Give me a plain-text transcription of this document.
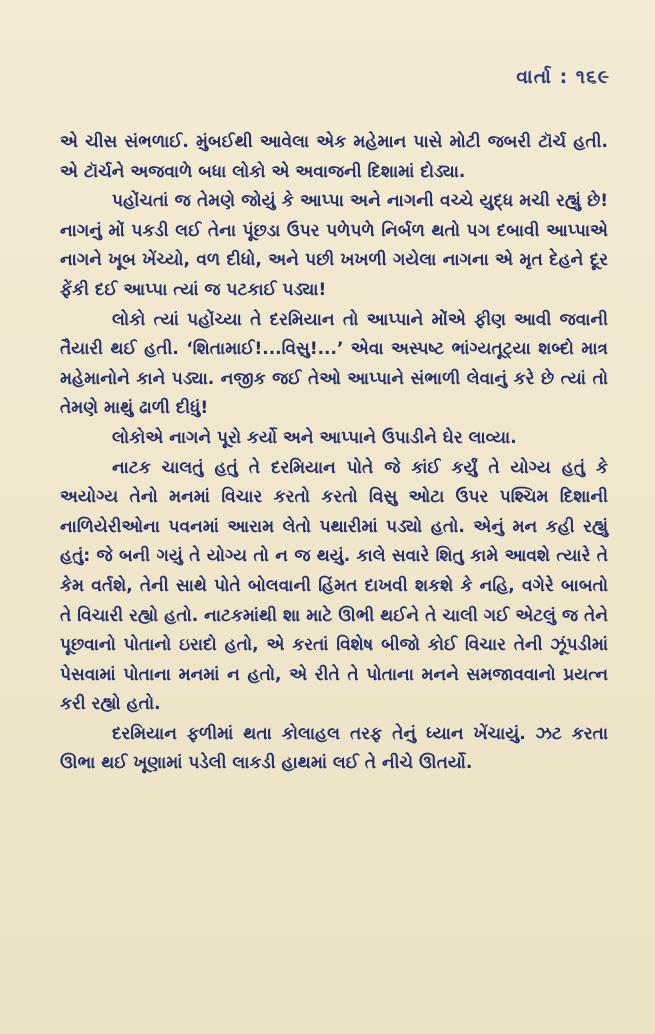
વાર્તા : ૧૬૯

એ ચીસ સંભળાઈ. મુંબઈથી આવેલા એક મહેમાન પાસે મોટી જબરી ટૉર્ચ હતી. એ ટૉર્ચને અજવાળે બધા લોકો એ અવાજની દિશામાં દોડ્યા.

પહોંચતાં જ તેમણે જોયું કે આપ્પા અને નાગની વચ્ચે યુદ્ધ મચી રહ્યું છે! નાગનું મોં પકડી લઈ તેના પૂંછડા ઉપર પળેપળે નિર્બળ થતો પગ દબાવી આપ્પાએ નાગને ખૂબ ખેંચ્યો, વળ દીધો, અને પછી ખખળી ગયેલા નાગના એ મૃત દેહને દૂર ફેંકી દઈ આપ્પા ત્યાં જ પટકાઈ પડ્યા!

લોકો ત્યાં પહોંચ્યા તે દરમિયાન તો આપ્પાને મોંએ ફીણ આવી જવાની તૈયારી થઈ હતી. ‘શિતામાઈ!...વિસુ!...’ એવા અસ્પષ્ટ ભાંગ્યતૂટ્યા શબ્દો માત્ર મહેમાનોને કાને પડ્યા. નજીક જઈ તેઓ આપ્પાને સંભાળી લેવાનું કરે છે ત્યાં તો તેમણે માથું ઢાળી દીધું!

લોકોએ નાગને પૂરો કર્યો અને આપ્પાને ઉપાડીને ઘેર લાવ્યા.

નાટક ચાલતું હતું તે દરમિયાન પોતે જે કાંઈ કર્યું તે યોગ્ય હતું કે અયોગ્ય તેનો મનમાં વિચાર કરતો કરતો વિસુ ઓટા ઉપર પશ્ચિમ દિશાની નાળિયેરીઓના પવનમાં આરામ લેતો પથારીમાં પડ્યો હતો. એનું મન કહી રહ્યું હતું: જે બની ગયું તે યોગ્ય તો ન જ થયું. કાલે સવારે શિતુ કામે આવશે ત્યારે તે કેમ વર્તશે, તેની સાથે પોતે બોલવાની હિંમત દાખવી શકશે કે નહિ, વગેરે બાબતો તે વિચારી રહ્યો હતો. નાટકમાંથી શા માટે ઊભી થઈને તે ચાલી ગઈ એટલું જ તેને પૂછવાનો પોતાનો ઇરાદો હતો, એ કરતાં વિશેષ બીજો કોઈ વિચાર તેની ઝૂંપડીમાં પેસવામાં પોતાના મનમાં ન હતો, એ રીતે તે પોતાના મનને સમજાવવાનો પ્રયત્ન કરી રહ્યો હતો.

દરમિયાન ફળીમાં થતા કોલાહલ તરફ તેનું ધ્યાન ખેંચાયું. ઝટ કરતા ઊભા થઈ ખૂણામાં પડેલી લાકડી હાથમાં લઈ તે નીચે ઊતર્યો.
